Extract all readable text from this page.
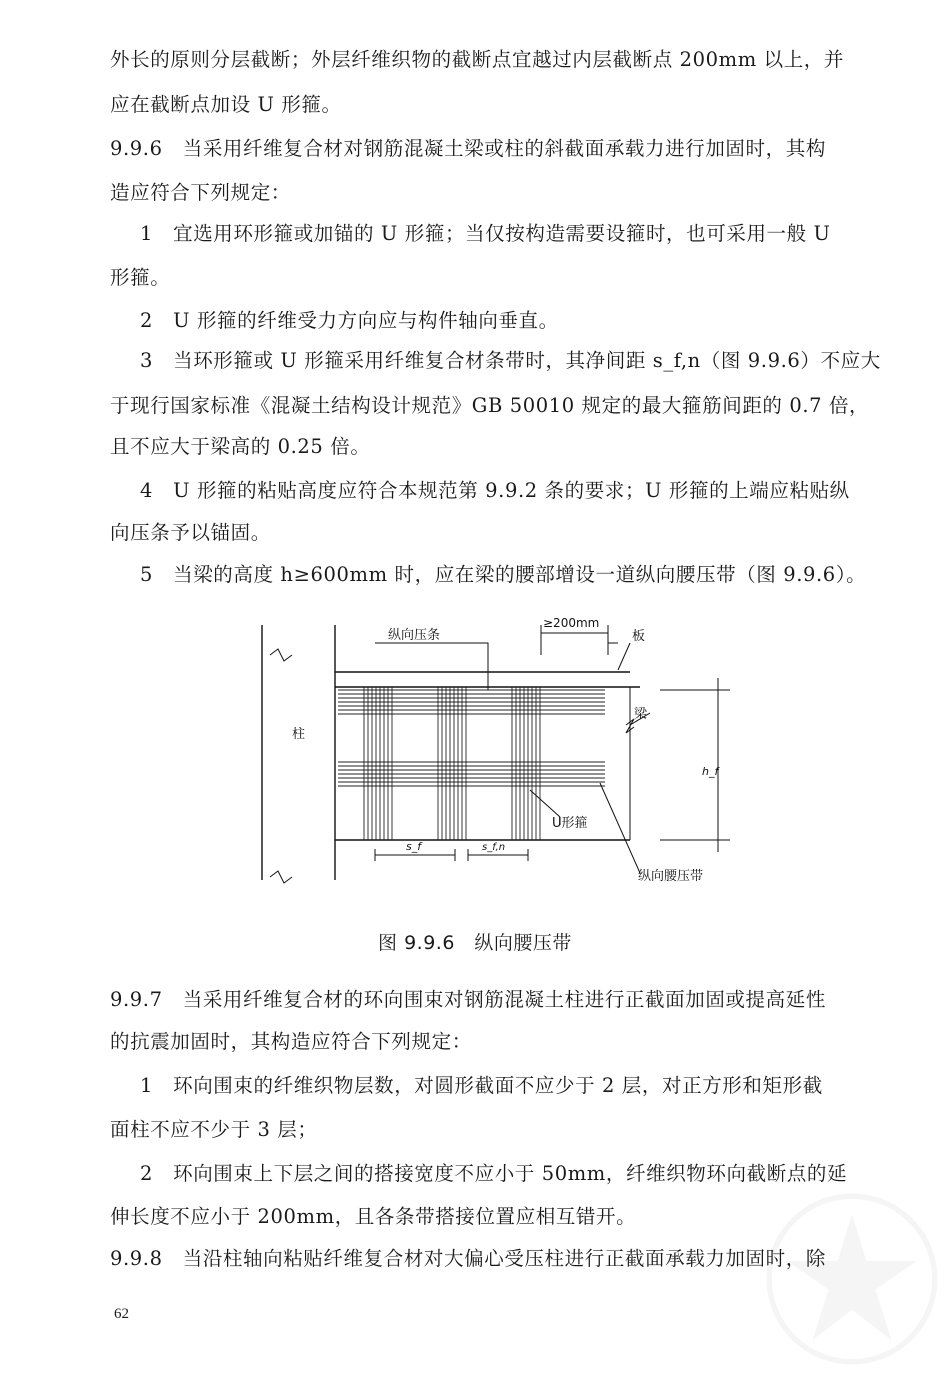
外长的原则分层截断；外层纤维织物的截断点宜越过内层截断点 200mm 以上，并
应在截断点加设 U 形箍。
9.9.6　当采用纤维复合材对钢筋混凝土梁或柱的斜截面承载力进行加固时，其构
造应符合下列规定：
1　宜选用环形箍或加锚的 U 形箍；当仅按构造需要设箍时，也可采用一般 U
形箍。
2　U 形箍的纤维受力方向应与构件轴向垂直。
3　当环形箍或 U 形箍采用纤维复合材条带时，其净间距 s_f,n（图 9.9.6）不应大
于现行国家标准《混凝土结构设计规范》GB 50010 规定的最大箍筋间距的 0.7 倍，
且不应大于梁高的 0.25 倍。
4　U 形箍的粘贴高度应符合本规范第 9.9.2 条的要求；U 形箍的上端应粘贴纵
向压条予以锚固。
5　当梁的高度 h≥600mm 时，应在梁的腰部增设一道纵向腰压带（图 9.9.6）。
纵向压条
≥200mm
板
梁
柱
h_f
U形箍
s_f	s_f,n
纵向腰压带
图 9.9.6　纵向腰压带
9.9.7　当采用纤维复合材的环向围束对钢筋混凝土柱进行正截面加固或提高延性
的抗震加固时，其构造应符合下列规定：
1　环向围束的纤维织物层数，对圆形截面不应少于 2 层，对正方形和矩形截
面柱不应不少于 3 层；
2　环向围束上下层之间的搭接宽度不应小于 50mm，纤维织物环向截断点的延
伸长度不应小于 200mm，且各条带搭接位置应相互错开。
9.9.8　当沿柱轴向粘贴纤维复合材对大偏心受压柱进行正截面承载力加固时，除
62
